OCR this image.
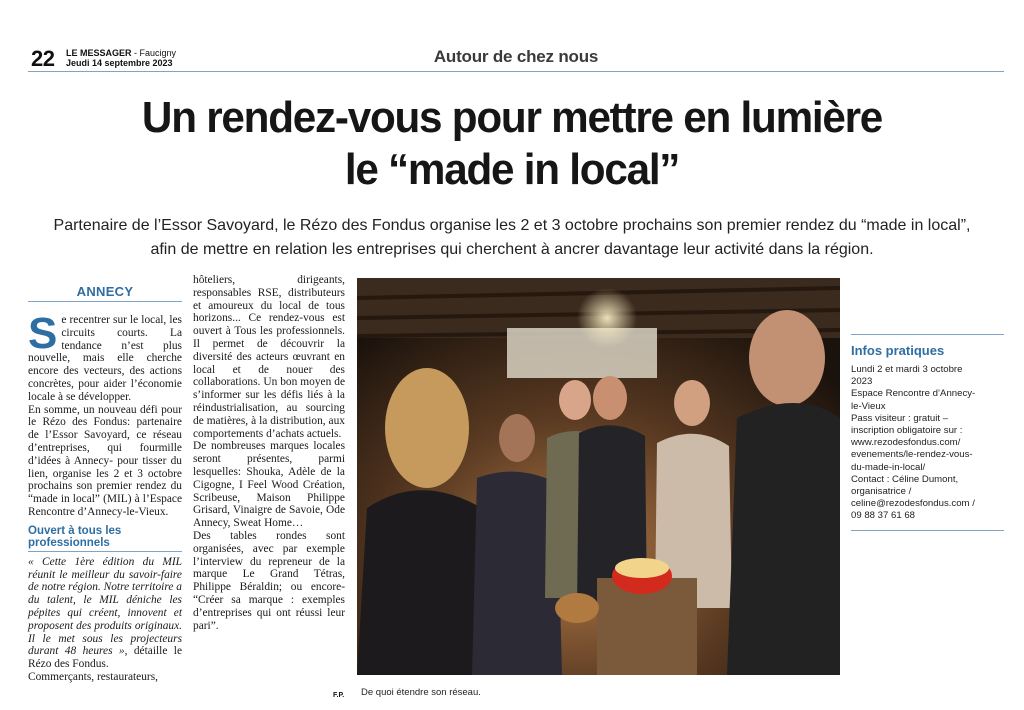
22 LE MESSAGER - Faucigny
Jeudi 14 septembre 2023	Autour de chez nous
Un rendez-vous pour mettre en lumière
le “made in local”
Partenaire de l’Essor Savoyard, le Rézo des Fondus organise les 2 et 3 octobre prochains son premier rendez du “made in local”,
afin de mettre en relation les entreprises qui cherchent à ancrer davantage leur activité dans la région.
ANNECY

Se recentrer sur le local, les circuits courts. La tendance n’est plus nouvelle, mais elle cherche encore des vecteurs, des actions concrètes, pour aider l’économie locale à se développer.

En somme, un nouveau défi pour le Rézo des Fondus: partenaire de l’Essor Savoyard, ce réseau d’entreprises, qui fourmille d’idées à Annecy- pour tisser du lien, organise les 2 et 3 octobre prochains son premier rendez du “made in local” (MIL) à l’Espace Rencontre d’Annecy-le-Vieux.

Ouvert à tous les professionnels

« Cette 1ère édition du MIL réunit le meilleur du savoir-faire de notre région. Notre territoire a du talent, le MIL déniche les pépites qui créent, innovent et proposent des produits originaux. Il le met sous les projecteurs durant 48 heures », détaille le Rézo des Fondus.

Commerçants, restaurateurs,

hôteliers, dirigeants, responsables RSE, distributeurs et amoureux du local de tous horizons... Ce rendez-vous est ouvert à Tous les professionnels. Il permet de découvrir la diversité des acteurs œuvrant en local et de nouer des collaborations. Un bon moyen de s’informer sur les défis liés à la réindustrialisation, au sourcing de matières, à la distribution, aux comportements d’achats actuels.

De nombreuses marques locales seront présentes, parmi lesquelles: Shouka, Adèle de la Cigogne, I Feel Wood Création, Scribeuse, Maison Philippe Grisard, Vinaigre de Savoie, Ode Annecy, Sweat Home…

Des tables rondes sont organisées, avec par exemple l’interview du repreneur de la marque Le Grand Tétras, Philippe Béraldin; ou encore- “Créer sa marque : exemples d’entreprises qui ont réussi leur pari”.

F.P. De quoi étendre son réseau.
Infos pratiques
Lundi 2 et mardi 3 octobre
2023
Espace Rencontre d’Annecy-
le-Vieux
Pass visiteur : gratuit –
inscription obligatoire sur :
www.rezodesfondus.com/
evenements/le-rendez-vous-
du-made-in-local/
Contact : Céline Dumont,
organisatrice /
celine@rezodesfondus.com /
09 88 37 61 68
